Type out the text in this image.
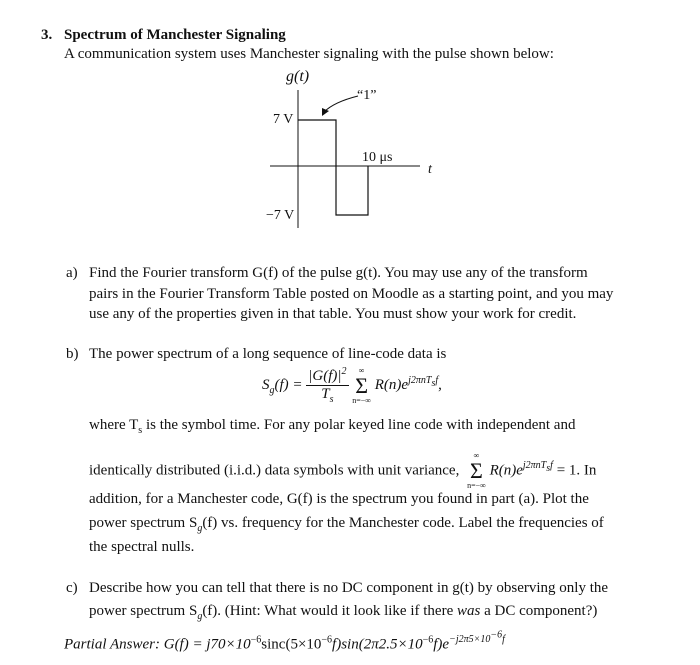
3. Spectrum of Manchester Signaling
A communication system uses Manchester signaling with the pulse shown below:
g(t)
“1”
7 V
−7 V
10 μs
t
a) Find the Fourier transform G(f) of the pulse g(t). You may use any of the transform
pairs in the Fourier Transform Table posted on Moodle as a starting point, and you may
use any of the properties given in that table. You must show your work for credit.
b) The power spectrum of a long sequence of line-code data is
$S_g(f) = \frac{|G(f)|^2}{T_s}$
	∞
Σ
n=−∞
$R(n)e^{j2\pi nT_sf}$,
where $T_s$ is the symbol time. For any polar keyed line code with independent and
identically distributed (i.i.d.) data symbols with unit variance,
∞
Σ
n=−∞
$R(n)e^{j2\pi nT_sf} = 1$. In
addition, for a Manchester code, G(f) is the spectrum you found in part (a). Plot the
power spectrum $S_g(f)$ vs. frequency for the Manchester code. Label the frequencies of
the spectral nulls.
c) Describe how you can tell that there is no DC component in g(t) by observing only the
power spectrum $S_g(f)$. (Hint: What would it look like if there was a DC component?)
Partial Answer: $G(f) = j70\times 10^{-6}\sin c(5\times 10^{-6}f)\sin(2\pi 2.5\times 10^{-6}f)e^{-j2\pi 5\times 10^{-6}f}$
